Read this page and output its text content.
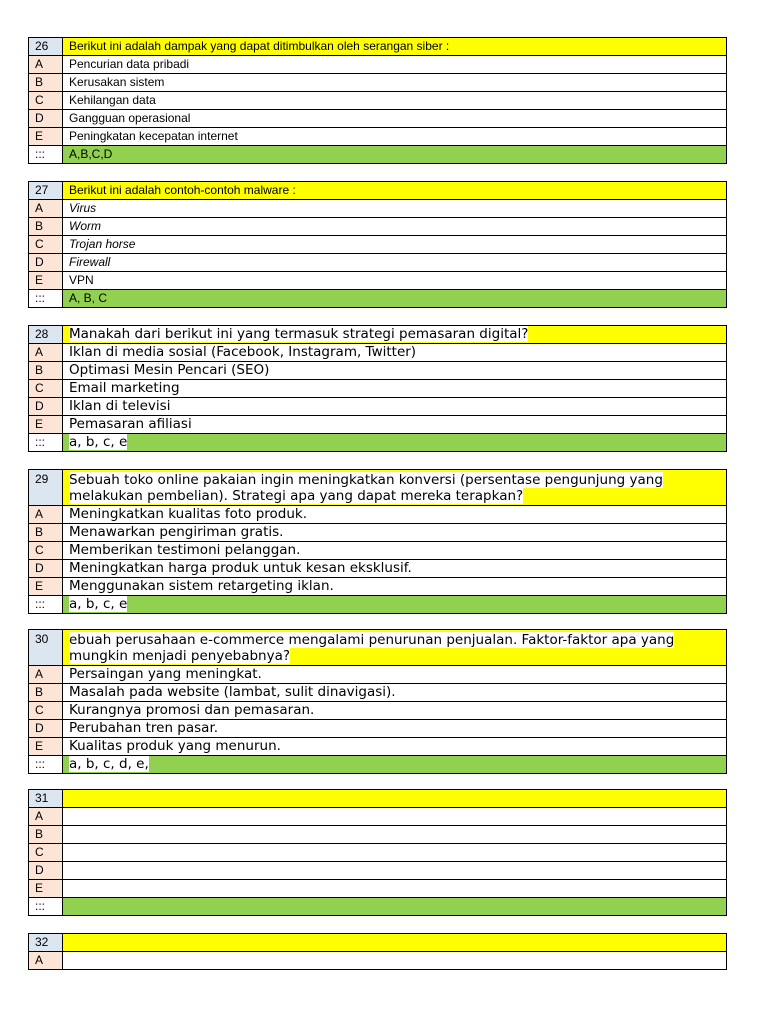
26	Berikut ini adalah dampak yang dapat ditimbulkan oleh serangan siber :
A	Pencurian data pribadi
B	Kerusakan sistem
C	Kehilangan data
D	Gangguan operasional
E	Peningkatan kecepatan internet
:::	A,B,C,D
27	Berikut ini adalah contoh-contoh malware :
A	Virus
B	Worm
C	Trojan horse
D	Firewall
E	VPN
:::	A, B, C
28	Manakah dari berikut ini yang termasuk strategi pemasaran digital?
A	Iklan di media sosial (Facebook, Instagram, Twitter)
B	Optimasi Mesin Pencari (SEO)
C	Email marketing
D	Iklan di televisi
E	Pemasaran afiliasi
:::	a, b, c, e
29	Sebuah toko online pakaian ingin meningkatkan konversi (persentase pengunjung yang melakukan pembelian). Strategi apa yang dapat mereka terapkan?
A	Meningkatkan kualitas foto produk.
B	Menawarkan pengiriman gratis.
C	Memberikan testimoni pelanggan.
D	Meningkatkan harga produk untuk kesan eksklusif.
E	Menggunakan sistem retargeting iklan.
:::	a, b, c, e
30	ebuah perusahaan e-commerce mengalami penurunan penjualan. Faktor-faktor apa yang mungkin menjadi penyebabnya?
A	Persaingan yang meningkat.
B	Masalah pada website (lambat, sulit dinavigasi).
C	Kurangnya promosi dan pemasaran.
D	Perubahan tren pasar.
E	Kualitas produk yang menurun.
:::	a, b, c, d, e,
31	
A	
B	
C	
D	
E	
:::	
32	
A	
